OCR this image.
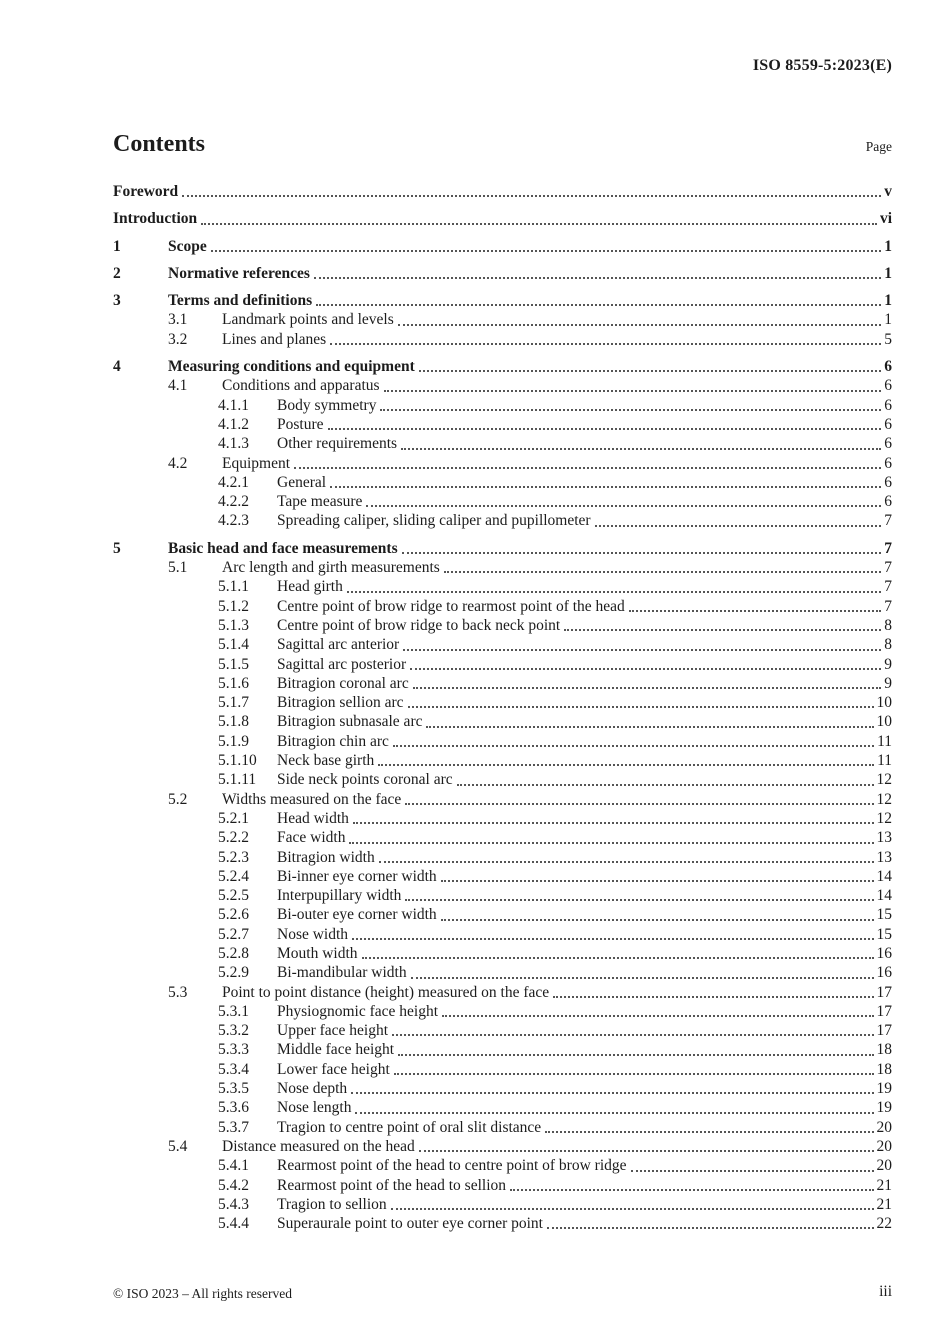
ISO 8559-5:2023(E)
Contents	Page
Foreword	v
Introduction	vi
1	Scope	1
2	Normative references	1
3	Terms and definitions	1
3.1	Landmark points and levels	1
3.2	Lines and planes	5
4	Measuring conditions and equipment	6
4.1	Conditions and apparatus	6
4.1.1	Body symmetry	6
4.1.2	Posture	6
4.1.3	Other requirements	6
4.2	Equipment	6
4.2.1	General	6
4.2.2	Tape measure	6
4.2.3	Spreading caliper, sliding caliper and pupillometer	7
5	Basic head and face measurements	7
5.1	Arc length and girth measurements	7
5.1.1	Head girth	7
5.1.2	Centre point of brow ridge to rearmost point of the head	7
5.1.3	Centre point of brow ridge to back neck point	8
5.1.4	Sagittal arc anterior	8
5.1.5	Sagittal arc posterior	9
5.1.6	Bitragion coronal arc	9
5.1.7	Bitragion sellion arc	10
5.1.8	Bitragion subnasale arc	10
5.1.9	Bitragion chin arc	11
5.1.10	Neck base girth	11
5.1.11	Side neck points coronal arc	12
5.2	Widths measured on the face	12
5.2.1	Head width	12
5.2.2	Face width	13
5.2.3	Bitragion width	13
5.2.4	Bi-inner eye corner width	14
5.2.5	Interpupillary width	14
5.2.6	Bi-outer eye corner width	15
5.2.7	Nose width	15
5.2.8	Mouth width	16
5.2.9	Bi-mandibular width	16
5.3	Point to point distance (height) measured on the face	17
5.3.1	Physiognomic face height	17
5.3.2	Upper face height	17
5.3.3	Middle face height	18
5.3.4	Lower face height	18
5.3.5	Nose depth	19
5.3.6	Nose length	19
5.3.7	Tragion to centre point of oral slit distance	20
5.4	Distance measured on the head	20
5.4.1	Rearmost point of the head to centre point of brow ridge	20
5.4.2	Rearmost point of the head to sellion	21
5.4.3	Tragion to sellion	21
5.4.4	Superaurale point to outer eye corner point	22
© ISO 2023 – All rights reserved	iii
